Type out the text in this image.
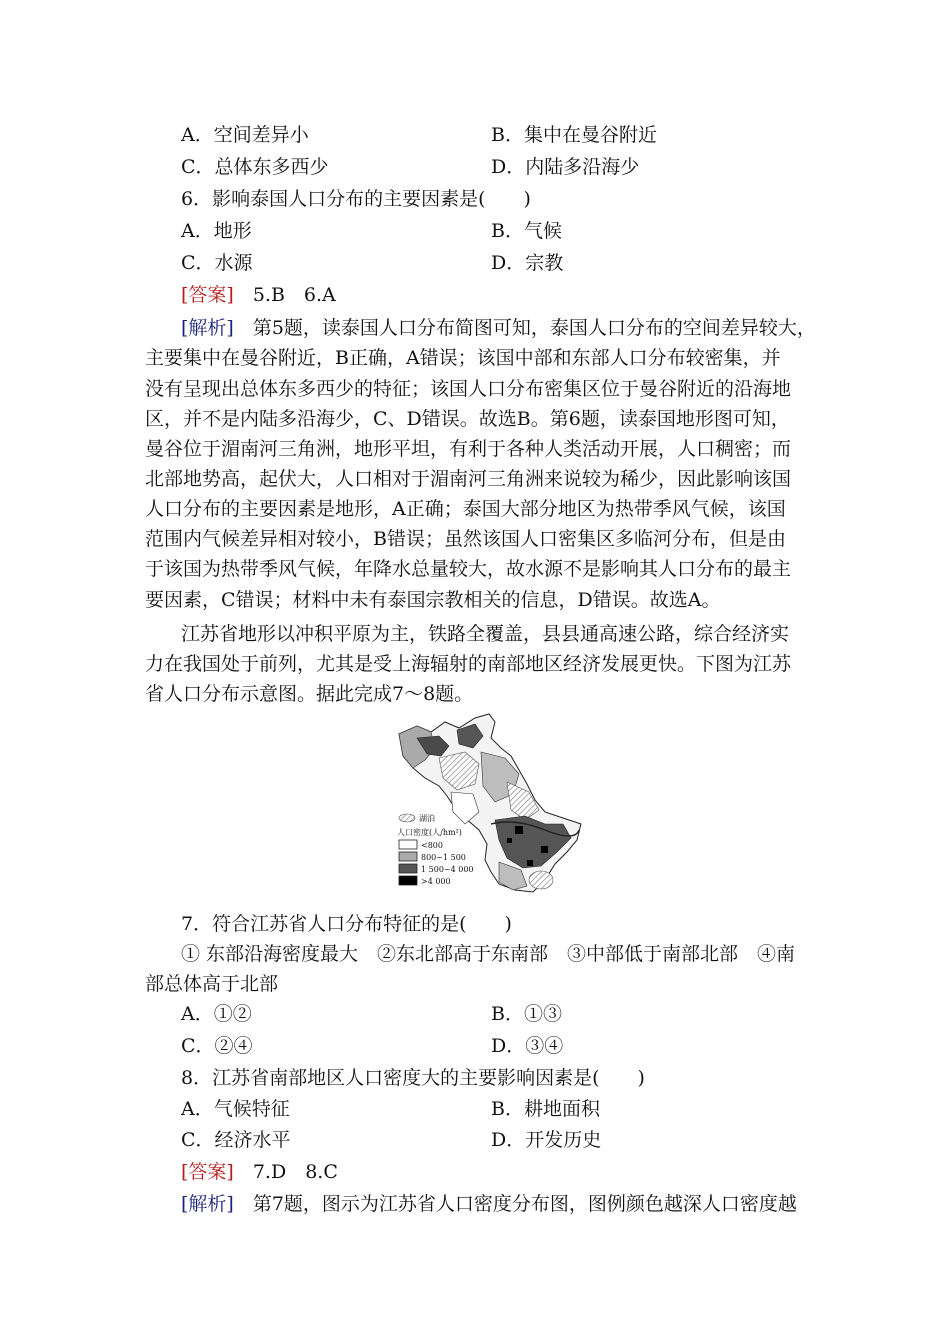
A．空间差异小	B．集中在曼谷附近
C．总体东多西少	D．内陆多沿海少
6．影响泰国人口分布的主要因素是(　　)
A．地形	B．气候
C．水源	D．宗教
[答案]　5.B　6.A
[解析]　第5题，读泰国人口分布简图可知，泰国人口分布的空间差异较大，
主要集中在曼谷附近，B正确，A错误；该国中部和东部人口分布较密集，并
没有呈现出总体东多西少的特征；该国人口分布密集区位于曼谷附近的沿海地
区，并不是内陆多沿海少，C、D错误。故选B。第6题，读泰国地形图可知，
曼谷位于湄南河三角洲，地形平坦，有利于各种人类活动开展，人口稠密；而
北部地势高，起伏大，人口相对于湄南河三角洲来说较为稀少，因此影响该国
人口分布的主要因素是地形，A正确；泰国大部分地区为热带季风气候，该国
范围内气候差异相对较小，B错误；虽然该国人口密集区多临河分布，但是由
于该国为热带季风气候，年降水总量较大，故水源不是影响其人口分布的最主
要因素，C错误；材料中未有泰国宗教相关的信息，D错误。故选A。
江苏省地形以冲积平原为主，铁路全覆盖，县县通高速公路，综合经济实
力在我国处于前列，尤其是受上海辐射的南部地区经济发展更快。下图为江苏
省人口分布示意图。据此完成7～8题。
湖泊
人口密度(人/hm²)
<800
800~1 500
1 500~4 000
>4 000
7．符合江苏省人口分布特征的是(　　)
① 东部沿海密度最大　②东北部高于东南部　③中部低于南部北部　④南
部总体高于北部
A．①②	B．①③
C．②④	D．③④
8．江苏省南部地区人口密度大的主要影响因素是(　　)
A．气候特征	B．耕地面积
C．经济水平	D．开发历史
[答案]　7.D　8.C
[解析]　第7题，图示为江苏省人口密度分布图，图例颜色越深人口密度越
